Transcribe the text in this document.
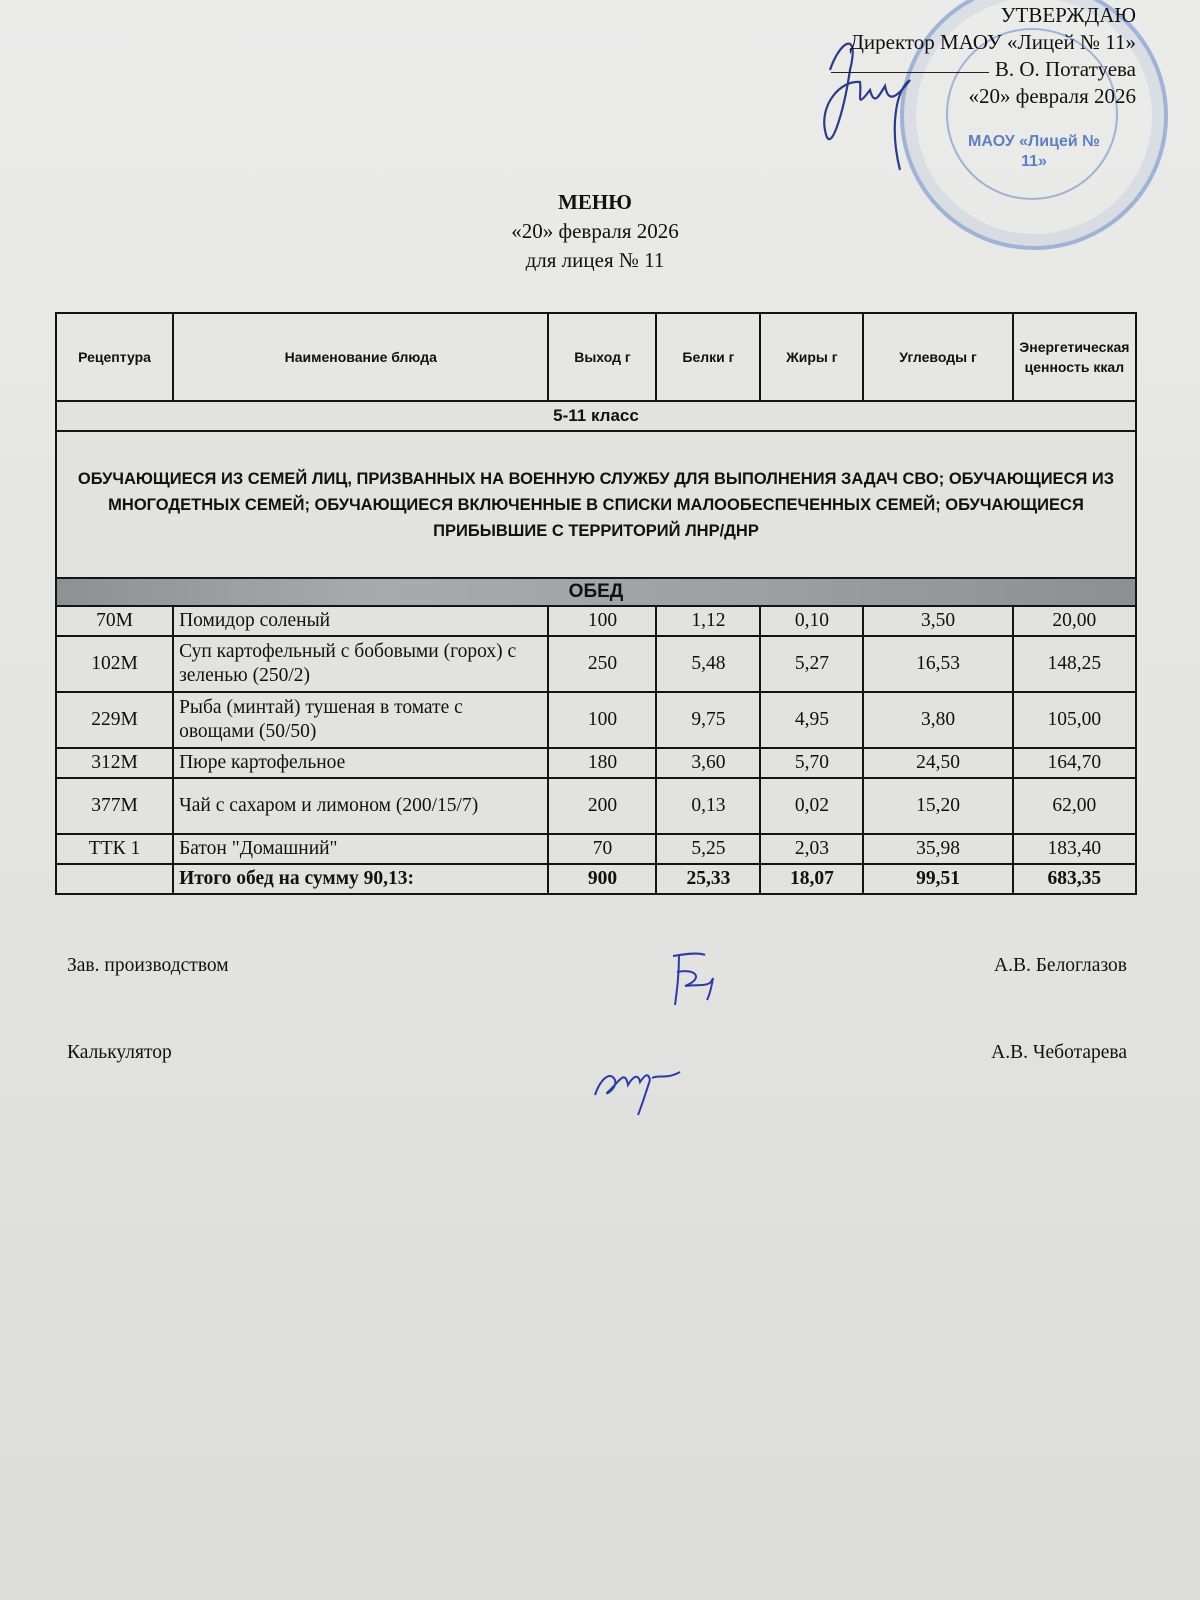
МАОУ «Лицей № 11»
УТВЕРЖДАЮ
Директор МАОУ «Лицей № 11»
В. О. Потатуева
«20» февраля 2026
МЕНЮ
«20» февраля 2026
для лицея № 11
Рецептура	Наименование блюда	Выход г	Белки г	Жиры г	Углеводы г	Энергетическая ценность ккал
5-11 класс						
ОБУЧАЮЩИЕСЯ ИЗ СЕМЕЙ ЛИЦ, ПРИЗВАННЫХ НА ВОЕННУЮ СЛУЖБУ ДЛЯ ВЫПОЛНЕНИЯ ЗАДАЧ СВО; ОБУЧАЮЩИЕСЯ ИЗ МНОГОДЕТНЫХ СЕМЕЙ; ОБУЧАЮЩИЕСЯ ВКЛЮЧЕННЫЕ В СПИСКИ МАЛООБЕСПЕЧЕННЫХ СЕМЕЙ; ОБУЧАЮЩИЕСЯ ПРИБЫВШИЕ С ТЕРРИТОРИЙ ЛНР/ДНР						
ОБЕД						
70М	Помидор соленый	100	1,12	0,10	3,50	20,00
102М	Суп картофельный с бобовыми (горох) с зеленью (250/2)	250	5,48	5,27	16,53	148,25
229М	Рыба (минтай) тушеная в томате с овощами (50/50)	100	9,75	4,95	3,80	105,00
312М	Пюре картофельное	180	3,60	5,70	24,50	164,70
377М	Чай с сахаром и лимоном (200/15/7)	200	0,13	0,02	15,20	62,00
ТТК 1	Батон "Домашний"	70	5,25	2,03	35,98	183,40
	Итого обед на сумму 90,13:	900	25,33	18,07	99,51	683,35
Зав. производством	А.В. Белоглазов
Калькулятор	А.В. Чеботарева
